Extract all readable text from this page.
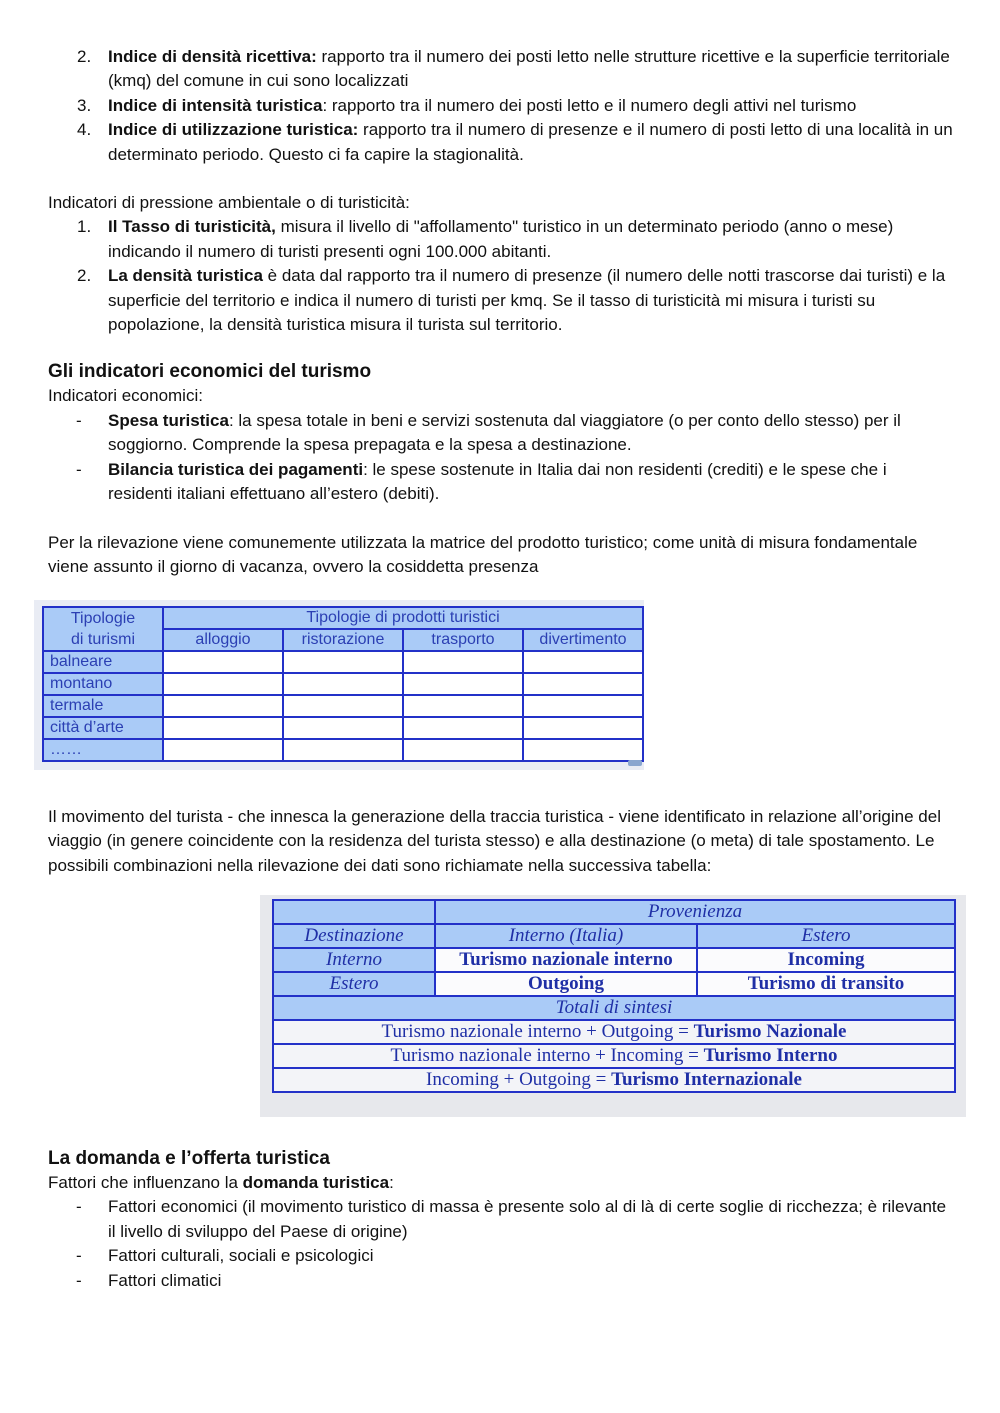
2. Indice di densità ricettiva: rapporto tra il numero dei posti letto nelle strutture ricettive e la superficie territoriale (kmq) del comune in cui sono localizzati
3. Indice di intensità turistica: rapporto tra il numero dei posti letto e il numero degli attivi nel turismo
4. Indice di utilizzazione turistica: rapporto tra il numero di presenze e il numero di posti letto di una località in un determinato periodo. Questo ci fa capire la stagionalità.

Indicatori di pressione ambientale o di turisticità:

1. Il Tasso di turisticità, misura il livello di "affollamento" turistico in un determinato periodo (anno o mese) indicando il numero di turisti presenti ogni 100.000 abitanti.
2. La densità turistica è data dal rapporto tra il numero di presenze (il numero delle notti trascorse dai turisti) e la superficie del territorio e indica il numero di turisti per kmq. Se il tasso di turisticità mi misura i turisti su popolazione, la densità turistica misura il turista sul territorio.
Gli indicatori economici del turismo

Indicatori economici:

-	Spesa turistica: la spesa totale in beni e servizi sostenuta dal viaggiatore (o per conto dello stesso) per il soggiorno. Comprende la spesa prepagata e la spesa a destinazione.
-	Bilancia turistica dei pagamenti: le spese sostenute in Italia dai non residenti (crediti) e le spese che i residenti italiani effettuano all’estero (debiti).

Per la rilevazione viene comunemente utilizzata la matrice del prodotto turistico; come unità di misura fondamentale viene assunto il giorno di vacanza, ovvero la cosiddetta presenza

Tipologie
di turismi	Tipologie di prodotti turistici			
	alloggio	ristorazione	trasporto	divertimento
balneare				
montano				
termale				
città d’arte				
……				

Il movimento del turista - che innesca la generazione della traccia turistica - viene identificato in relazione all’origine del viaggio (in genere coincidente con la residenza del turista stesso) e alla destinazione (o meta) di tale spostamento. Le possibili combinazioni nella rilevazione dei dati sono richiamate nella successiva tabella:

	Provenienza	
Destinazione	Interno (Italia)	Estero
Interno	Turismo nazionale interno	Incoming
Estero	Outgoing	Turismo di transito
Totali di sintesi		
Turismo nazionale interno + Outgoing = Turismo Nazionale		
Turismo nazionale interno + Incoming = Turismo Interno		
Incoming + Outgoing = Turismo Internazionale		
La domanda e l’offerta turistica

Fattori che influenzano la domanda turistica:

-	Fattori economici (il movimento turistico di massa è presente solo al di là di certe soglie di ricchezza; è rilevante il livello di sviluppo del Paese di origine)
-	Fattori culturali, sociali e psicologici
-	Fattori climatici
